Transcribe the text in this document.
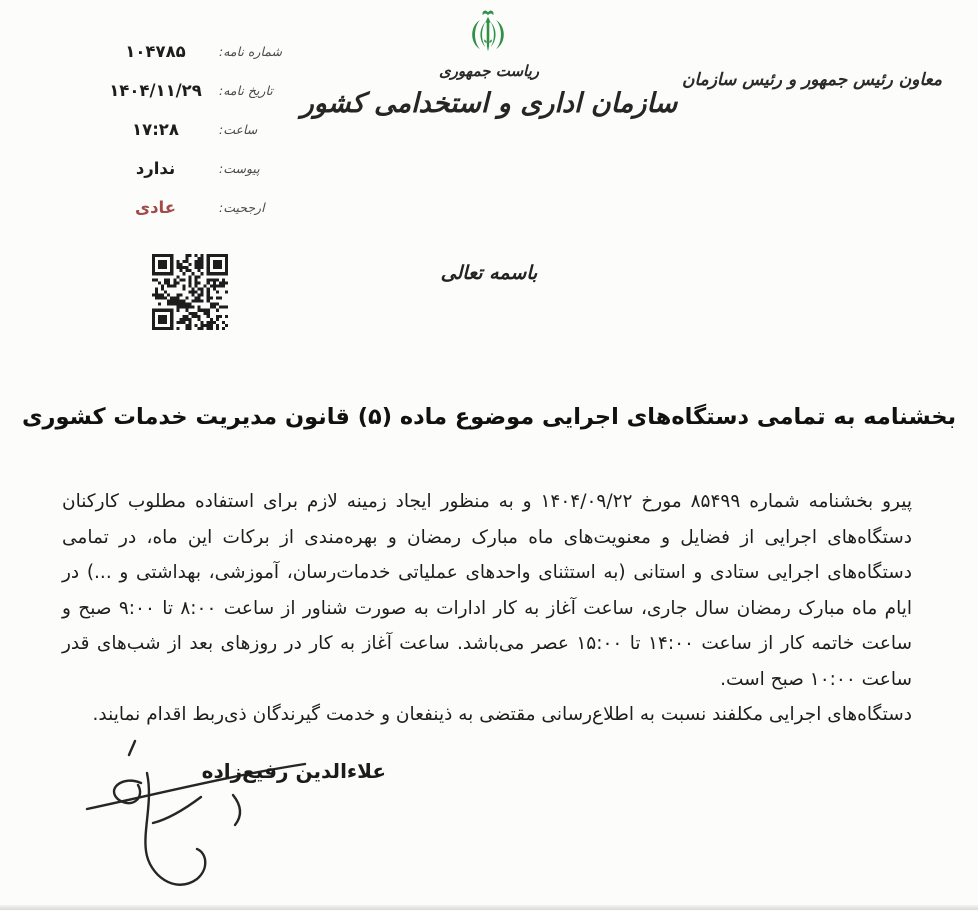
شماره نامه:
۱۰۴۷۸۵
تاریخ نامه:
۱۴۰۴/۱۱/۲۹
ساعت:
۱۷:۲۸
پیوست:
ندارد
ارجحیت:
عادی
ریاست جمهوری
سازمان اداری و استخدامی کشور
معاون رئیس جمهور و رئیس سازمان
باسمه تعالی
بخشنامه به تمامی دستگاه‌های اجرایی موضوع ماده (۵) قانون مدیریت خدمات کشوری

پیرو بخشنامه شماره ۸۵۴۹۹ مورخ ۱۴۰۴/۰۹/۲۲ و به منظور ایجاد زمینه لازم برای استفاده مطلوب کارکنان دستگاه‌های اجرایی از فضایل و معنویت‌های ماه مبارک رمضان و بهره‌مندی از برکات این ماه، در تمامی دستگاه‌های اجرایی ستادی و استانی (به استثنای واحدهای عملیاتی خدمات‌رسان، آموزشی، بهداشتی و ...) در ایام ماه مبارک رمضان سال جاری، ساعت آغاز به کار ادارات به صورت شناور از ساعت ۸:۰۰ تا ۹:۰۰ صبح و ساعت خاتمه کار از ساعت ۱۴:۰۰ تا ۱۵:۰۰ عصر می‌باشد. ساعت آغاز به کار در روزهای بعد از شب‌های قدر ساعت ۱۰:۰۰ صبح است.

دستگاه‌های اجرایی مکلفند نسبت به اطلاع‌رسانی مقتضی به ذینفعان و خدمت گیرندگان ذی‌ربط اقدام نمایند.

علاءالدین رفیع‌زاده
